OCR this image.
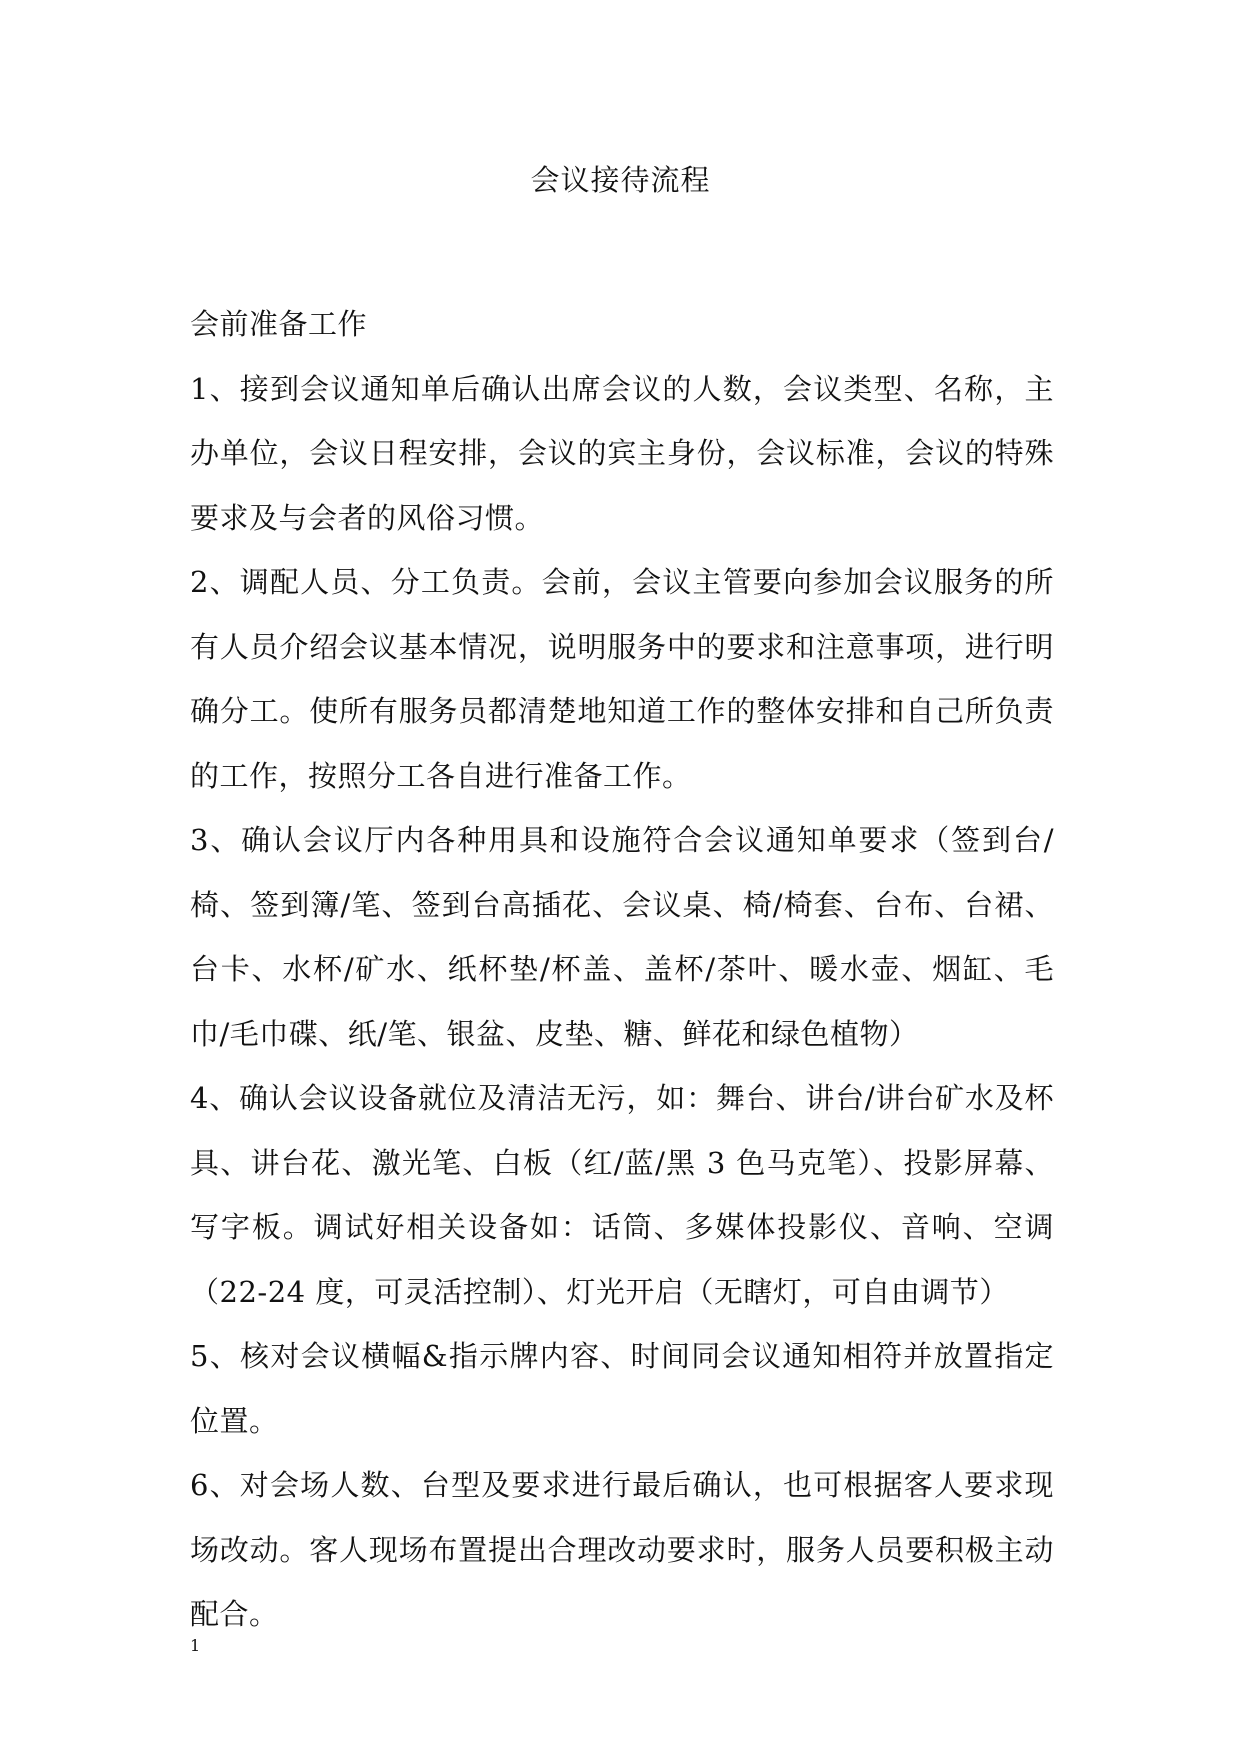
会议接待流程

会前准备工作

1、接到会议通知单后确认出席会议的人数，会议类型、名称，主办单位，会议日程安排，会议的宾主身份，会议标准，会议的特殊要求及与会者的风俗习惯。

2、调配人员、分工负责。会前，会议主管要向参加会议服务的所有人员介绍会议基本情况，说明服务中的要求和注意事项，进行明确分工。使所有服务员都清楚地知道工作的整体安排和自己所负责的工作，按照分工各自进行准备工作。

3、确认会议厅内各种用具和设施符合会议通知单要求（签到台/椅、签到簿/笔、签到台高插花、会议桌、椅/椅套、台布、台裙、台卡、水杯/矿水、纸杯垫/杯盖、盖杯/茶叶、暖水壶、烟缸、毛巾/毛巾碟、纸/笔、银盆、皮垫、糖、鲜花和绿色植物）

4、确认会议设备就位及清洁无污，如：舞台、讲台/讲台矿水及杯具、讲台花、激光笔、白板（红/蓝/黑 3 色马克笔）、投影屏幕、写字板。调试好相关设备如：话筒、多媒体投影仪、音响、空调（22-24 度，可灵活控制）、灯光开启（无瞎灯，可自由调节）

5、核对会议横幅&指示牌内容、时间同会议通知相符并放置指定位置。

6、对会场人数、台型及要求进行最后确认，也可根据客人要求现场改动。客人现场布置提出合理改动要求时，服务人员要积极主动配合。

1
